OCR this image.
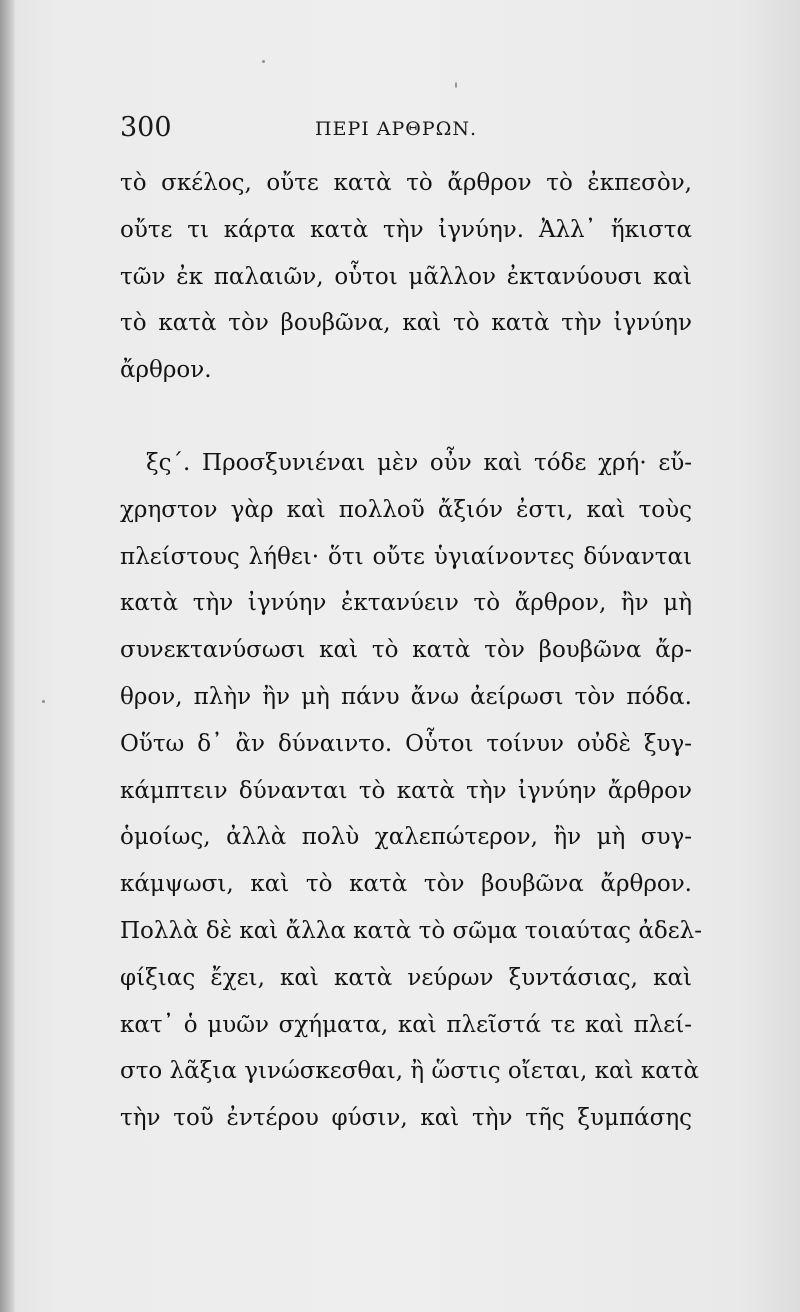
300	ΠΕΡΙ ΑΡΘΡΩΝ.
τὸ σκέλος, οὔτε κατὰ τὸ ἄρθρον τὸ ἐκπεσὸν,
οὔτε τι κάρτα κατὰ τὴν ἰγνύην. Ἀλλ᾽ ἥκιστα
τῶν ἐκ παλαιῶν, οὗτοι μᾶλλον ἐκτανύουσι καὶ
τὸ κατὰ τὸν βουβῶνα, καὶ τὸ κατὰ τὴν ἰγνύην
ἄρθρον.
ξς΄. Προσξυνιέναι μὲν οὖν καὶ τόδε χρή· εὔ-
χρηστον γὰρ καὶ πολλοῦ ἄξιόν ἐστι, καὶ τοὺς
πλείστους λήθει· ὅτι οὔτε ὑγιαίνοντες δύνανται
κατὰ τὴν ἰγνύην ἐκτανύειν τὸ ἄρθρον, ἢν μὴ
συνεκτανύσωσι καὶ τὸ κατὰ τὸν βουβῶνα ἄρ-
θρον, πλὴν ἢν μὴ πάνυ ἄνω ἀείρωσι τὸν πόδα.
Οὕτω δ᾽ ἂν δύναιντο. Οὗτοι τοίνυν οὐδὲ ξυγ-
κάμπτειν δύνανται τὸ κατὰ τὴν ἰγνύην ἄρθρον
ὁμοίως, ἀλλὰ πολὺ χαλεπώτερον, ἢν μὴ συγ-
κάμψωσι, καὶ τὸ κατὰ τὸν βουβῶνα ἄρθρον.
Πολλὰ δὲ καὶ ἄλλα κατὰ τὸ σῶμα τοιαύτας ἀδελ-
φίξιας ἔχει, καὶ κατὰ νεύρων ξυντάσιας, καὶ
κατ᾽ ὁ μυῶν σχήματα, καὶ πλεῖστά τε καὶ πλεί-
στο λᾶξια γινώσκεσθαι, ἢ ὥστις οἴεται, καὶ κατὰ
τὴν τοῦ ἐντέρου φύσιν, καὶ τὴν τῆς ξυμπάσης
